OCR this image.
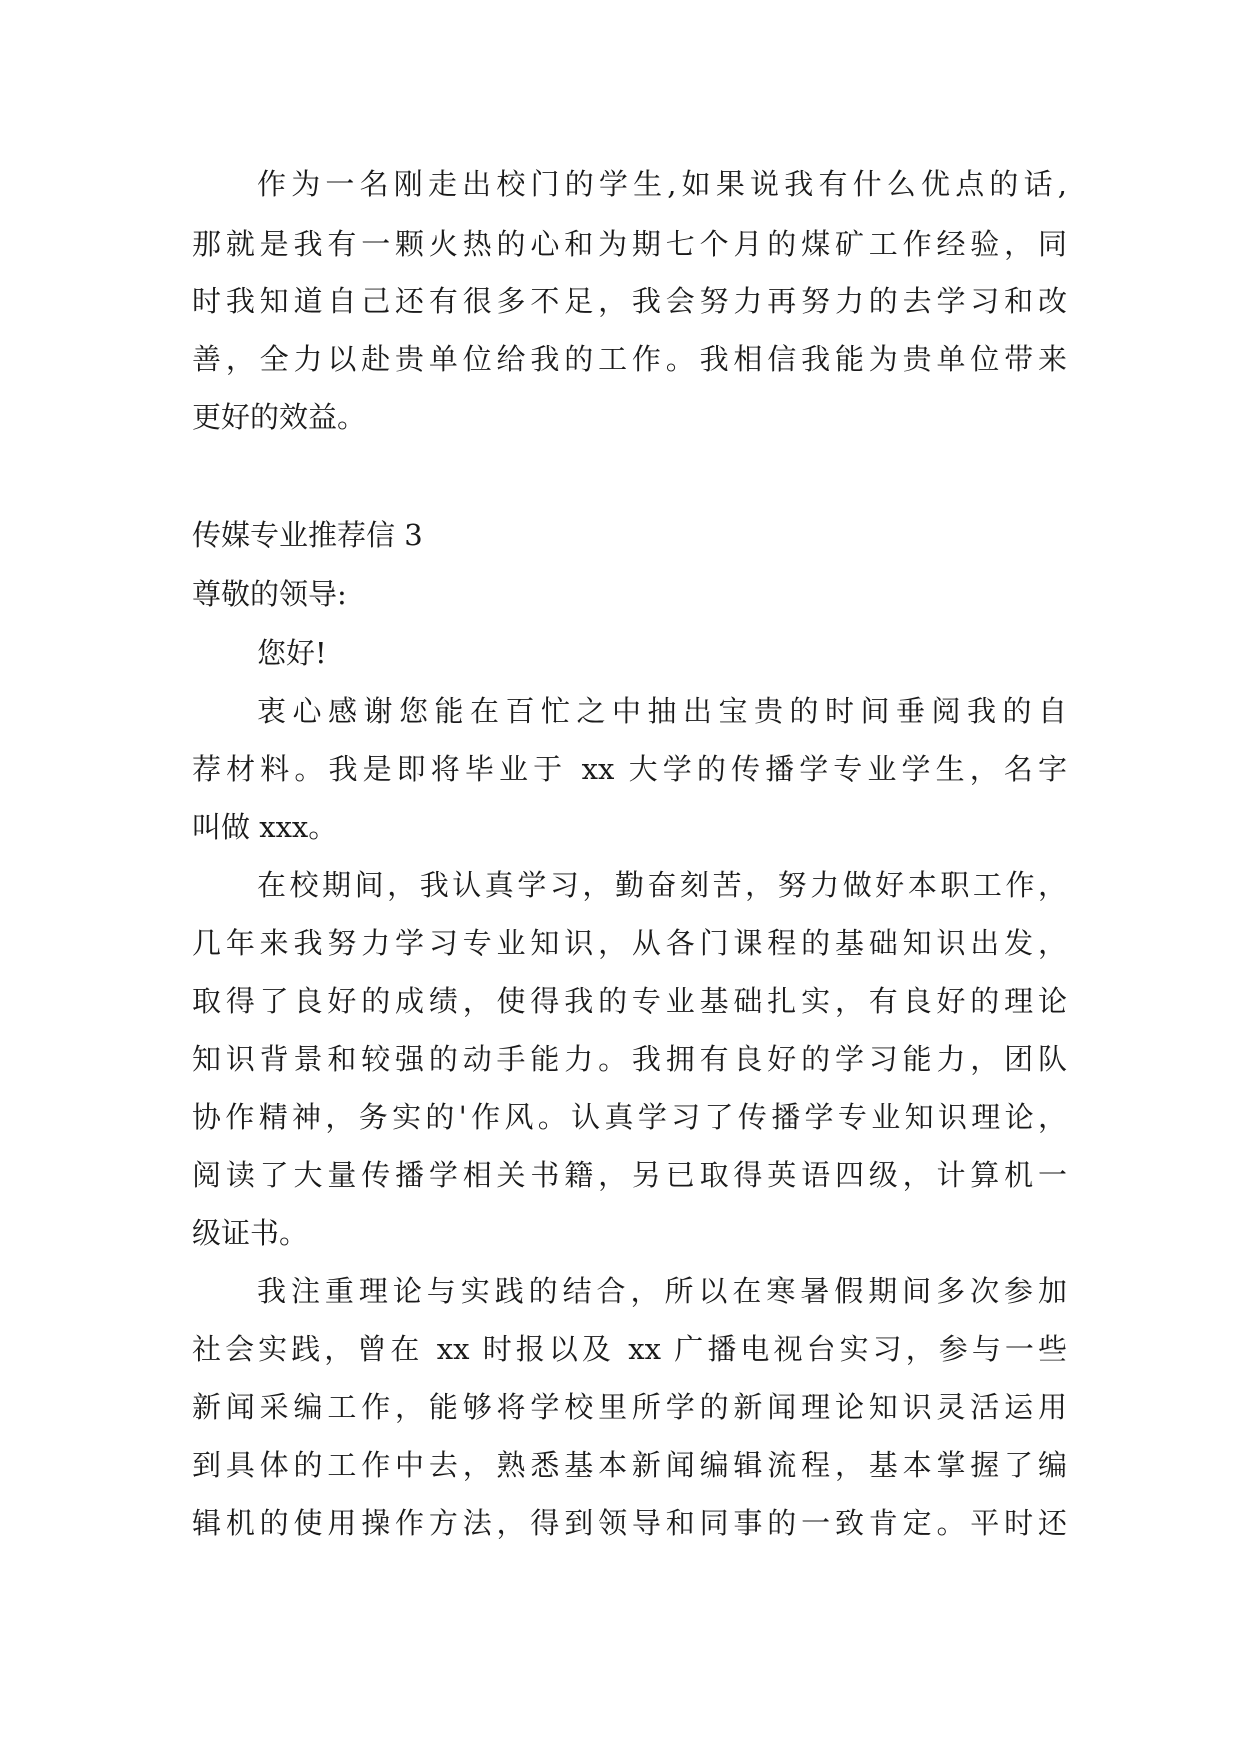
作为一名刚走出校门的学生,如果说我有什么优点的话,
那就是我有一颗火热的心和为期七个月的煤矿工作经验，同
时我知道自己还有很多不足，我会努力再努力的去学习和改
善，全力以赴贵单位给我的工作。我相信我能为贵单位带来
更好的效益。
传媒专业推荐信 3
尊敬的领导:
您好!
衷心感谢您能在百忙之中抽出宝贵的时间垂阅我的自
荐材料。我是即将毕业于 xx 大学的传播学专业学生，名字
叫做 xxx。
在校期间，我认真学习，勤奋刻苦，努力做好本职工作，
几年来我努力学习专业知识，从各门课程的基础知识出发，
取得了良好的成绩，使得我的专业基础扎实，有良好的理论
知识背景和较强的动手能力。我拥有良好的学习能力，团队
协作精神，务实的'作风。认真学习了传播学专业知识理论，
阅读了大量传播学相关书籍，另已取得英语四级，计算机一
级证书。
我注重理论与实践的结合，所以在寒暑假期间多次参加
社会实践，曾在 xx 时报以及 xx 广播电视台实习，参与一些
新闻采编工作，能够将学校里所学的新闻理论知识灵活运用
到具体的工作中去，熟悉基本新闻编辑流程，基本掌握了编
辑机的使用操作方法，得到领导和同事的一致肯定。平时还
